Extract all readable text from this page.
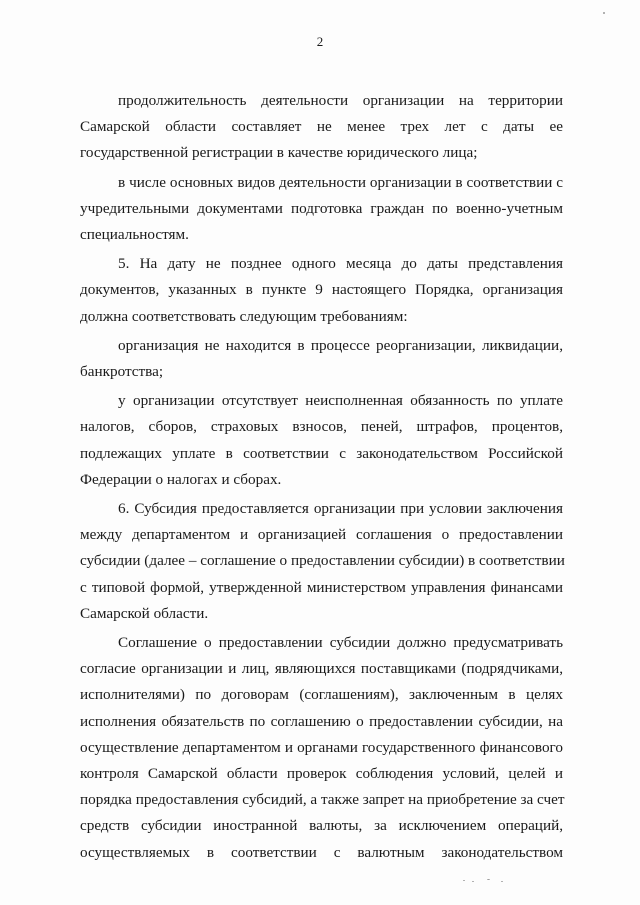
2
продолжительность деятельности организации на территории
Самарской области составляет не менее трех лет с даты ее
государственной регистрации в качестве юридического лица;
в числе основных видов деятельности организации в соответствии с
учредительными документами подготовка граждан по военно-учетным
специальностям.
5. На дату не позднее одного месяца до даты представления
документов, указанных в пункте 9 настоящего Порядка, организация
должна соответствовать следующим требованиям:
организация не находится в процессе реорганизации, ликвидации,
банкротства;
у организации отсутствует неисполненная обязанность по уплате
налогов, сборов, страховых взносов, пеней, штрафов, процентов,
подлежащих уплате в соответствии с законодательством Российской
Федерации о налогах и сборах.
6. Субсидия предоставляется организации при условии заключения
между департаментом и организацией соглашения о предоставлении
субсидии (далее – соглашение о предоставлении субсидии) в соответствии
с типовой формой, утвержденной министерством управления финансами
Самарской области.
Соглашение о предоставлении субсидии должно предусматривать
согласие организации и лиц, являющихся поставщиками (подрядчиками,
исполнителями) по договорам (соглашениям), заключенным в целях
исполнения обязательств по соглашению о предоставлении субсидии, на
осуществление департаментом и органами государственного финансового
контроля Самарской области проверок соблюдения условий, целей и
порядка предоставления субсидий, а также запрет на приобретение за счет
средств субсидии иностранной валюты, за исключением операций,
осуществляемых в соответствии с валютным законодательством
